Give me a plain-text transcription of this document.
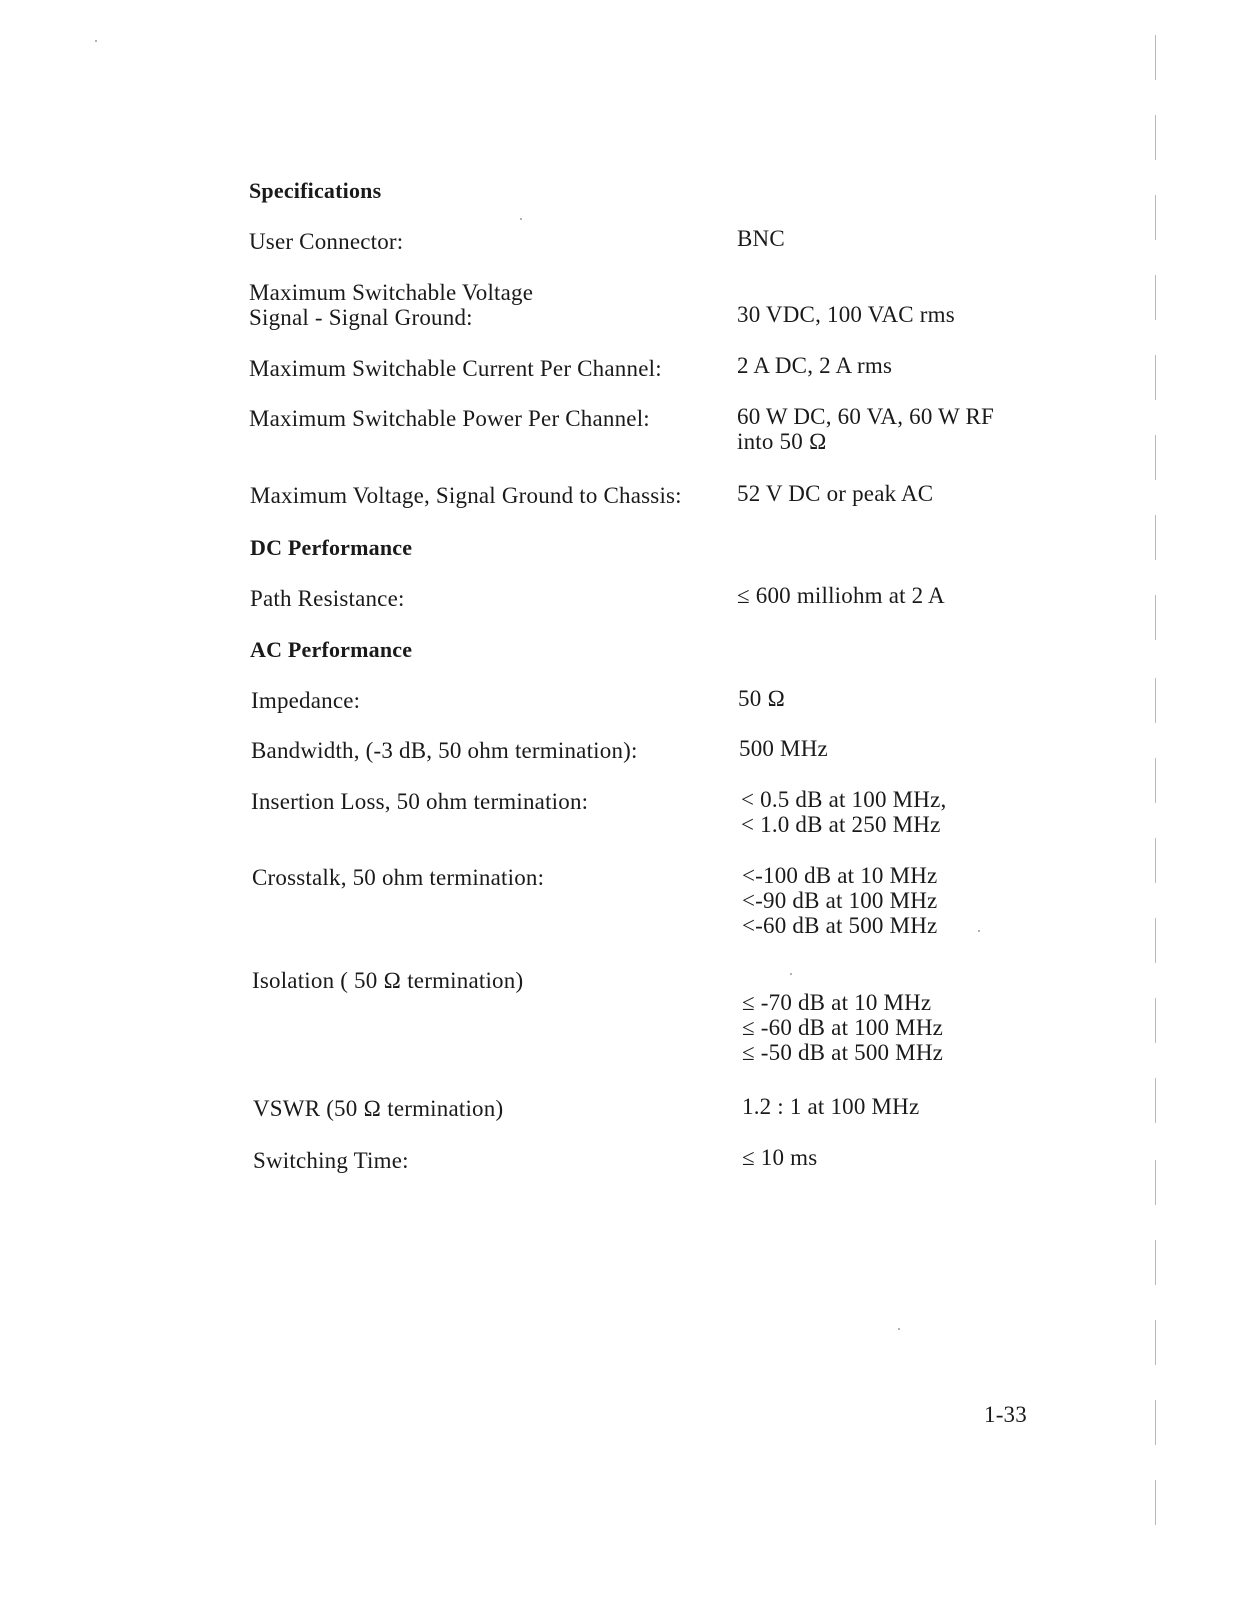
Specifications
User Connector:	BNC
Maximum Switchable Voltage
Signal - Signal Ground:	30 VDC, 100 VAC rms
Maximum Switchable Current Per Channel:	2 A DC, 2 A rms
Maximum Switchable Power Per Channel:	60 W DC, 60 VA, 60 W RF
into 50 Ω
Maximum Voltage, Signal Ground to Chassis: 52 V DC or peak AC
DC Performance
Path Resistance:	≤ 600 milliohm at 2 A
AC Performance
Impedance:	50 Ω
Bandwidth, (-3 dB, 50 ohm termination):	500 MHz
Insertion Loss, 50 ohm termination:	< 0.5 dB at 100 MHz,
< 1.0 dB at 250 MHz
Crosstalk, 50 ohm termination:	<-100 dB at 10 MHz
<-90 dB at 100 MHz
<-60 dB at 500 MHz
Isolation ( 50 Ω termination)
≤ -70 dB at 10 MHz
≤ -60 dB at 100 MHz
≤ -50 dB at 500 MHz
VSWR (50 Ω termination)	1.2 : 1 at 100 MHz
Switching Time:	≤ 10 ms
1-33
